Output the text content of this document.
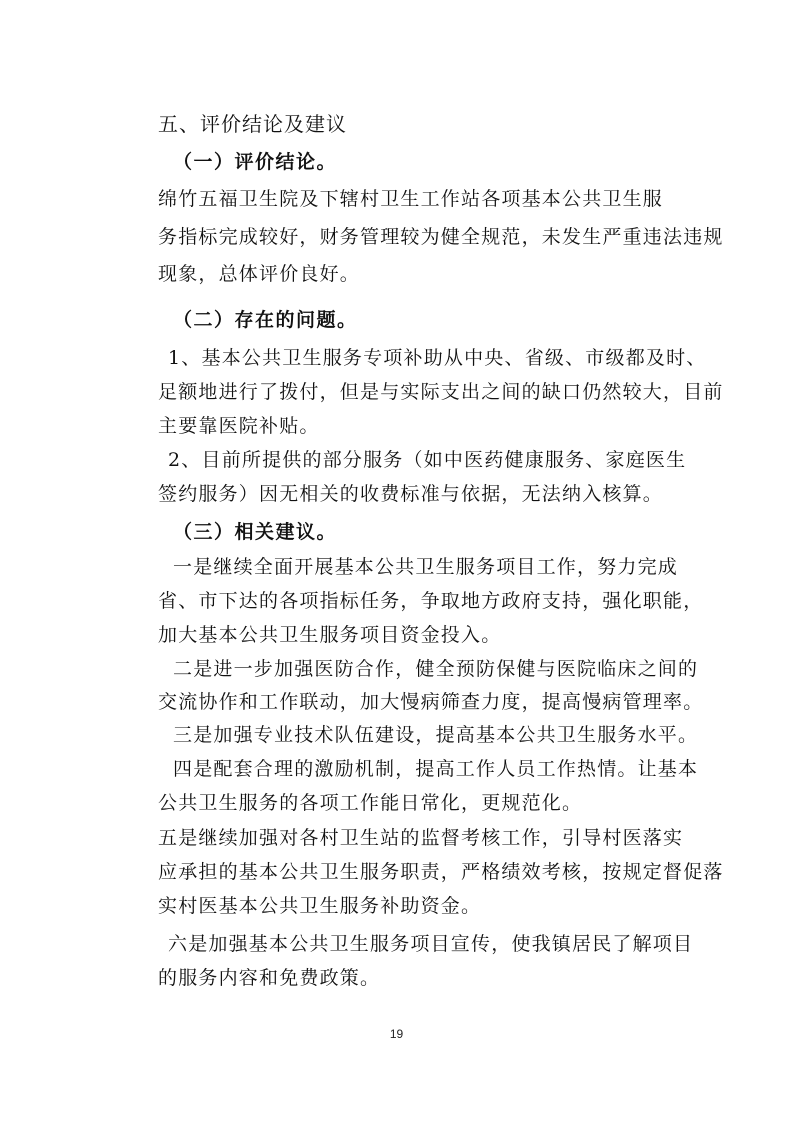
五、评价结论及建议
（一）评价结论。
绵竹五福卫生院及下辖村卫生工作站各项基本公共卫生服
务指标完成较好，财务管理较为健全规范，未发生严重违法违规
现象，总体评价良好。
（二）存在的问题。
1、基本公共卫生服务专项补助从中央、省级、市级都及时、
足额地进行了拨付，但是与实际支出之间的缺口仍然较大，目前
主要靠医院补贴。
2、目前所提供的部分服务（如中医药健康服务、家庭医生
签约服务）因无相关的收费标准与依据，无法纳入核算。
（三）相关建议。
一是继续全面开展基本公共卫生服务项目工作，努力完成
省、市下达的各项指标任务，争取地方政府支持，强化职能，
加大基本公共卫生服务项目资金投入。
二是进一步加强医防合作，健全预防保健与医院临床之间的
交流协作和工作联动，加大慢病筛查力度，提高慢病管理率。
三是加强专业技术队伍建设，提高基本公共卫生服务水平。
四是配套合理的激励机制，提高工作人员工作热情。让基本
公共卫生服务的各项工作能日常化，更规范化。
五是继续加强对各村卫生站的监督考核工作，引导村医落实
应承担的基本公共卫生服务职责，严格绩效考核，按规定督促落
实村医基本公共卫生服务补助资金。
六是加强基本公共卫生服务项目宣传，使我镇居民了解项目
的服务内容和免费政策。
19
